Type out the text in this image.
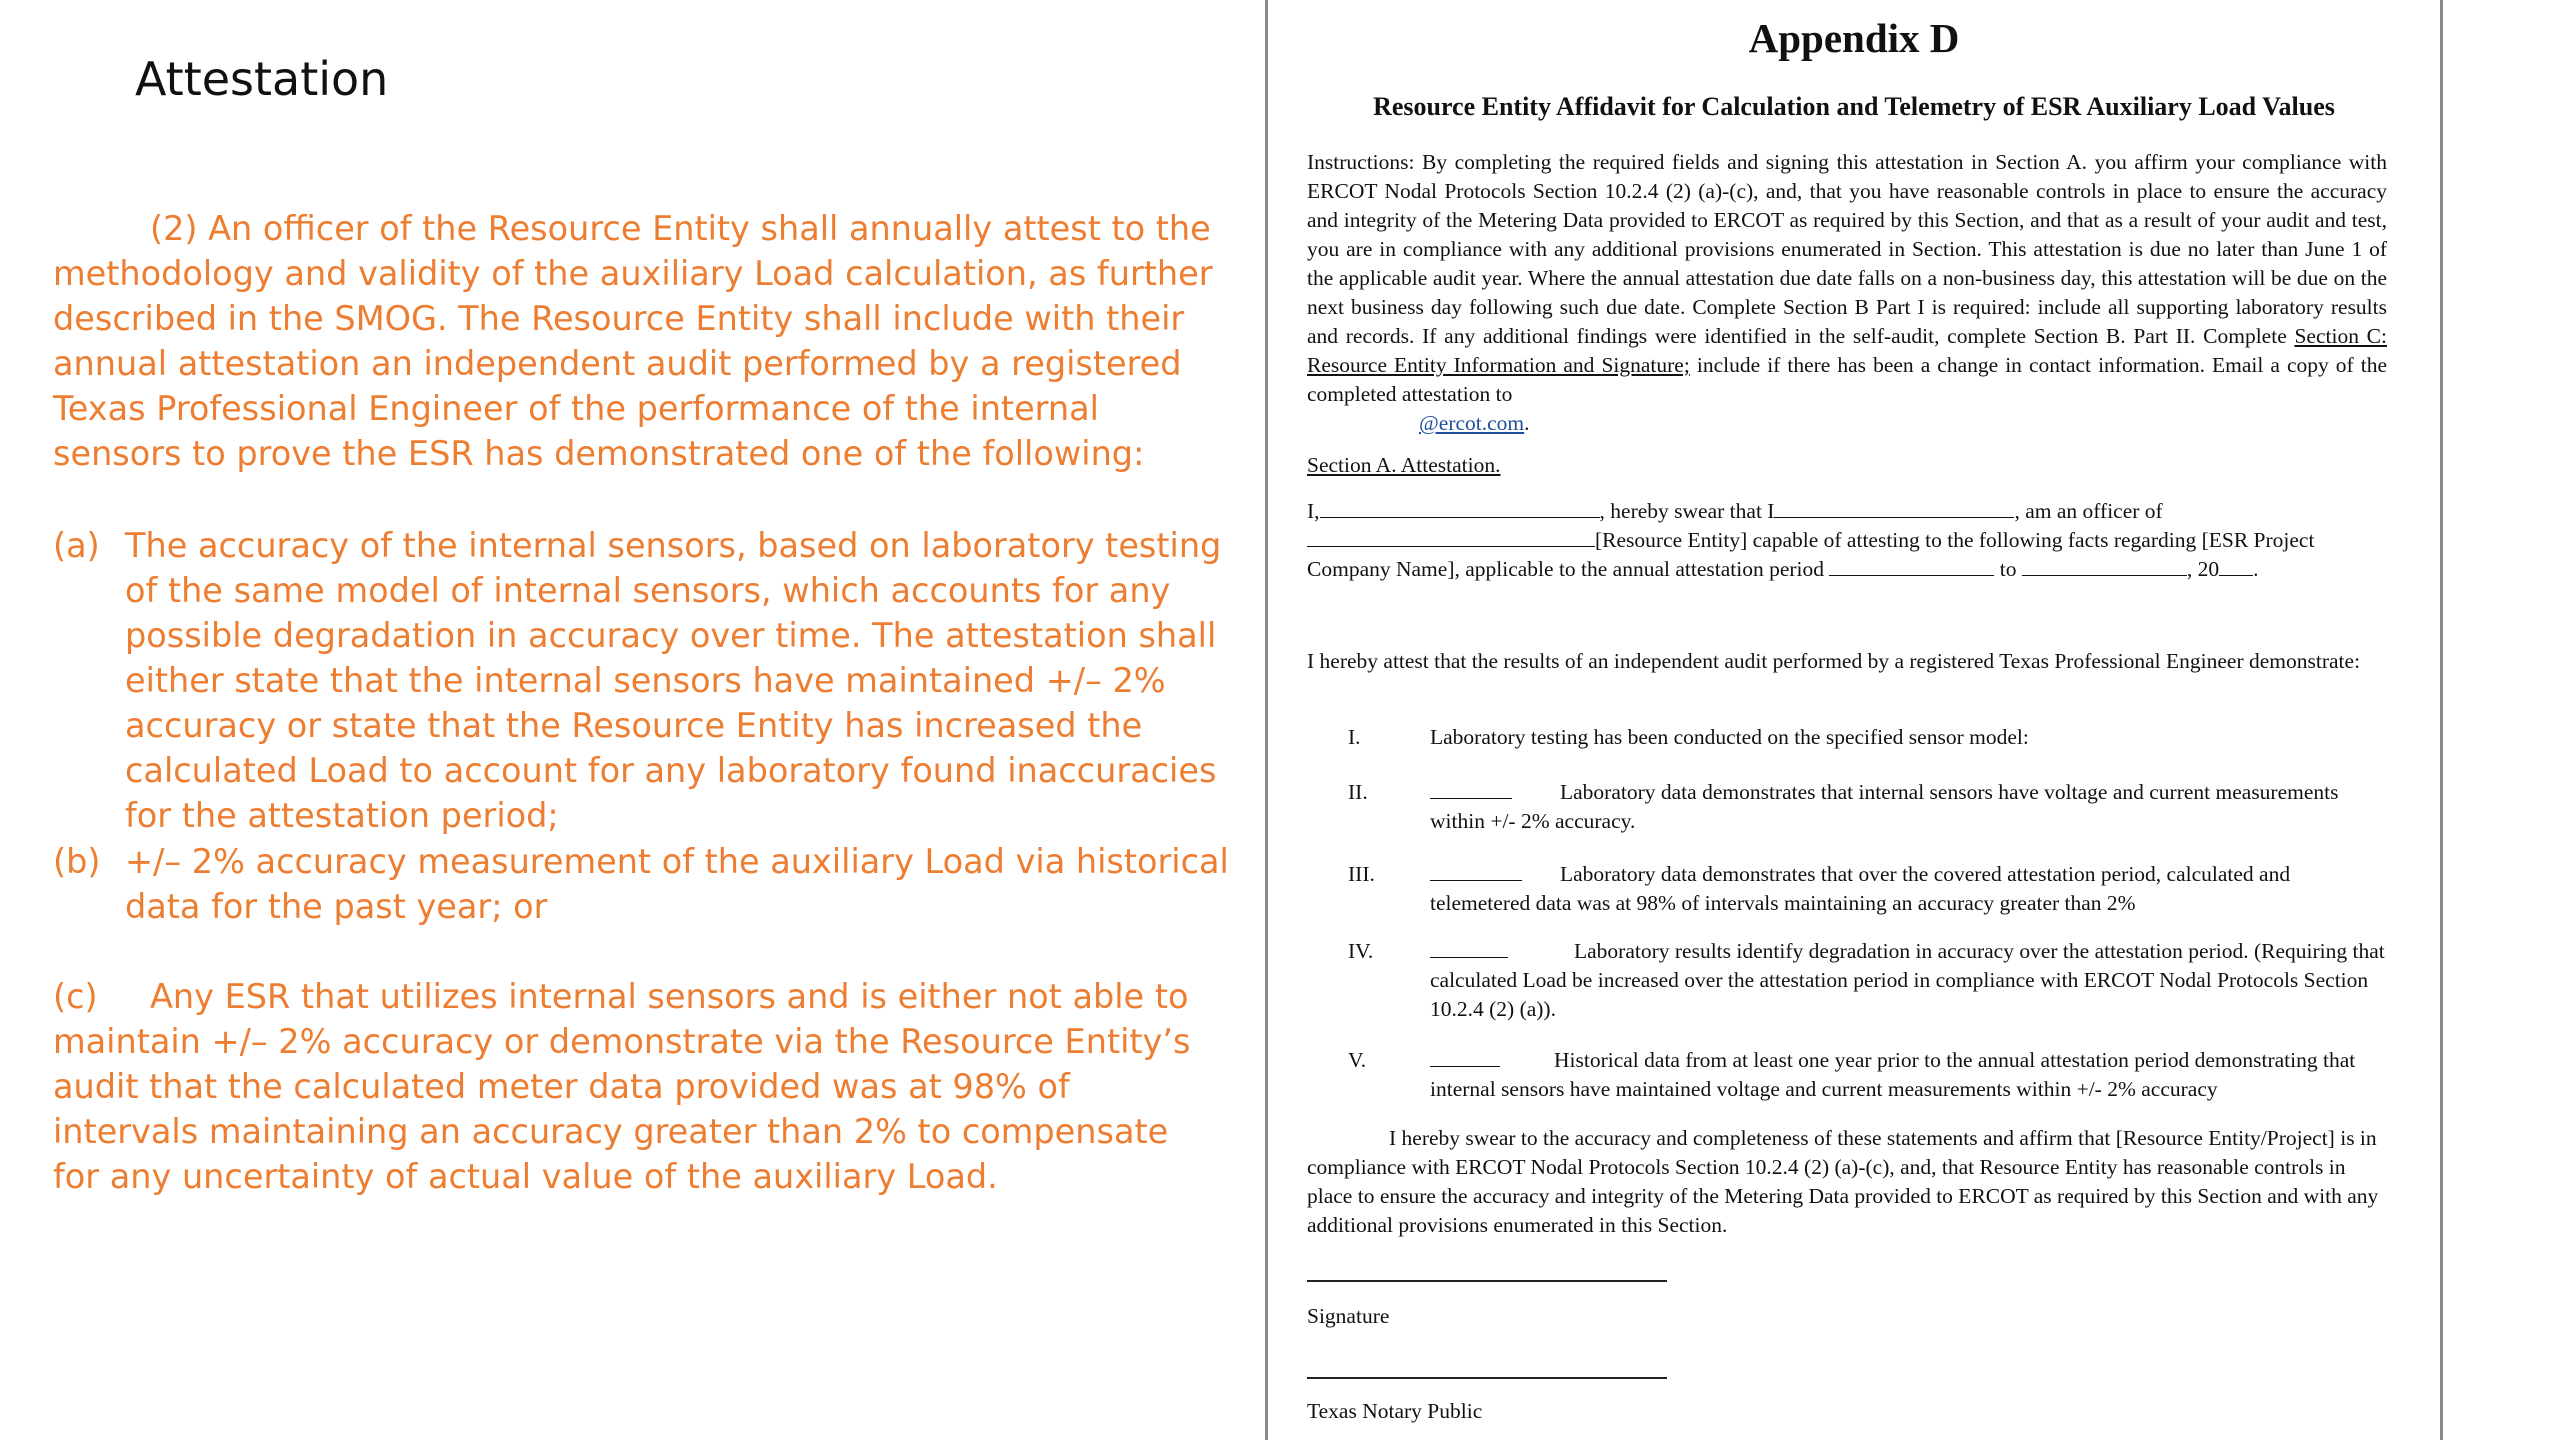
Attestation

(2) An officer of the Resource Entity shall annually attest to the methodology and validity of the auxiliary Load calculation, as further described in the SMOG. The Resource Entity shall include with their annual attestation an independent audit performed by a registered Texas Professional Engineer of the performance of the internal sensors to prove the ESR has demonstrated one of the following:

(a) The accuracy of the internal sensors, based on laboratory testing of the same model of internal sensors, which accounts for any possible degradation in accuracy over time. The attestation shall either state that the internal sensors have maintained +/– 2% accuracy or state that the Resource Entity has increased the calculated Load to account for any laboratory found inaccuracies for the attestation period;
(b) +/– 2% accuracy measurement of the auxiliary Load via historical data for the past year; or

(c) Any ESR that utilizes internal sensors and is either not able to maintain +/– 2% accuracy or demonstrate via the Resource Entity’s audit that the calculated meter data provided was at 98% of intervals maintaining an accuracy greater than 2% to compensate for any uncertainty of actual value of the auxiliary Load.

Appendix D
Resource Entity Affidavit for Calculation and Telemetry of ESR Auxiliary Load Values

Instructions: By completing the required fields and signing this attestation in Section A. you affirm your compliance with ERCOT Nodal Protocols Section 10.2.4 (2) (a)-(c), and, that you have reasonable controls in place to ensure the accuracy and integrity of the Metering Data provided to ERCOT as required by this Section, and that as a result of your audit and test, you are in compliance with any additional provisions enumerated in Section. This attestation is due no later than June 1 of the applicable audit year. Where the annual attestation due date falls on a non-business day, this attestation will be due on the next business day following such due date. Complete Section B Part I is required: include all supporting laboratory results and records. If any additional findings were identified in the self-audit, complete Section B. Part II. Complete Section C: Resource Entity Information and Signature; include if there has been a change in contact information. Email a copy of the completed attestation to
@ercot.com.

Section A. Attestation.

I,	, hereby swear that I	, am an officer of
[Resource Entity] capable of attesting to the following facts regarding [ESR Project Company Name], applicable to the annual attestation period	to	, 20 .

I hereby attest that the results of an independent audit performed by a registered Texas Professional Engineer demonstrate:

I.	Laboratory testing has been conducted on the specified sensor model:
II.	Laboratory data demonstrates that internal sensors have voltage and current measurements within +/- 2% accuracy.
III.	Laboratory data demonstrates that over the covered attestation period, calculated and telemetered data was at 98% of intervals maintaining an accuracy greater than 2%
IV.	Laboratory results identify degradation in accuracy over the attestation period. (Requiring that calculated Load be increased over the attestation period in compliance with ERCOT Nodal Protocols Section 10.2.4 (2) (a)).
V.	Historical data from at least one year prior to the annual attestation period demonstrating that internal sensors have maintained voltage and current measurements within +/- 2% accuracy

I hereby swear to the accuracy and completeness of these statements and affirm that [Resource Entity/Project] is in compliance with ERCOT Nodal Protocols Section 10.2.4 (2) (a)-(c), and, that Resource Entity has reasonable controls in place to ensure the accuracy and integrity of the Metering Data provided to ERCOT as required by this Section and with any additional provisions enumerated in this Section.

Signature

Texas Notary Public
